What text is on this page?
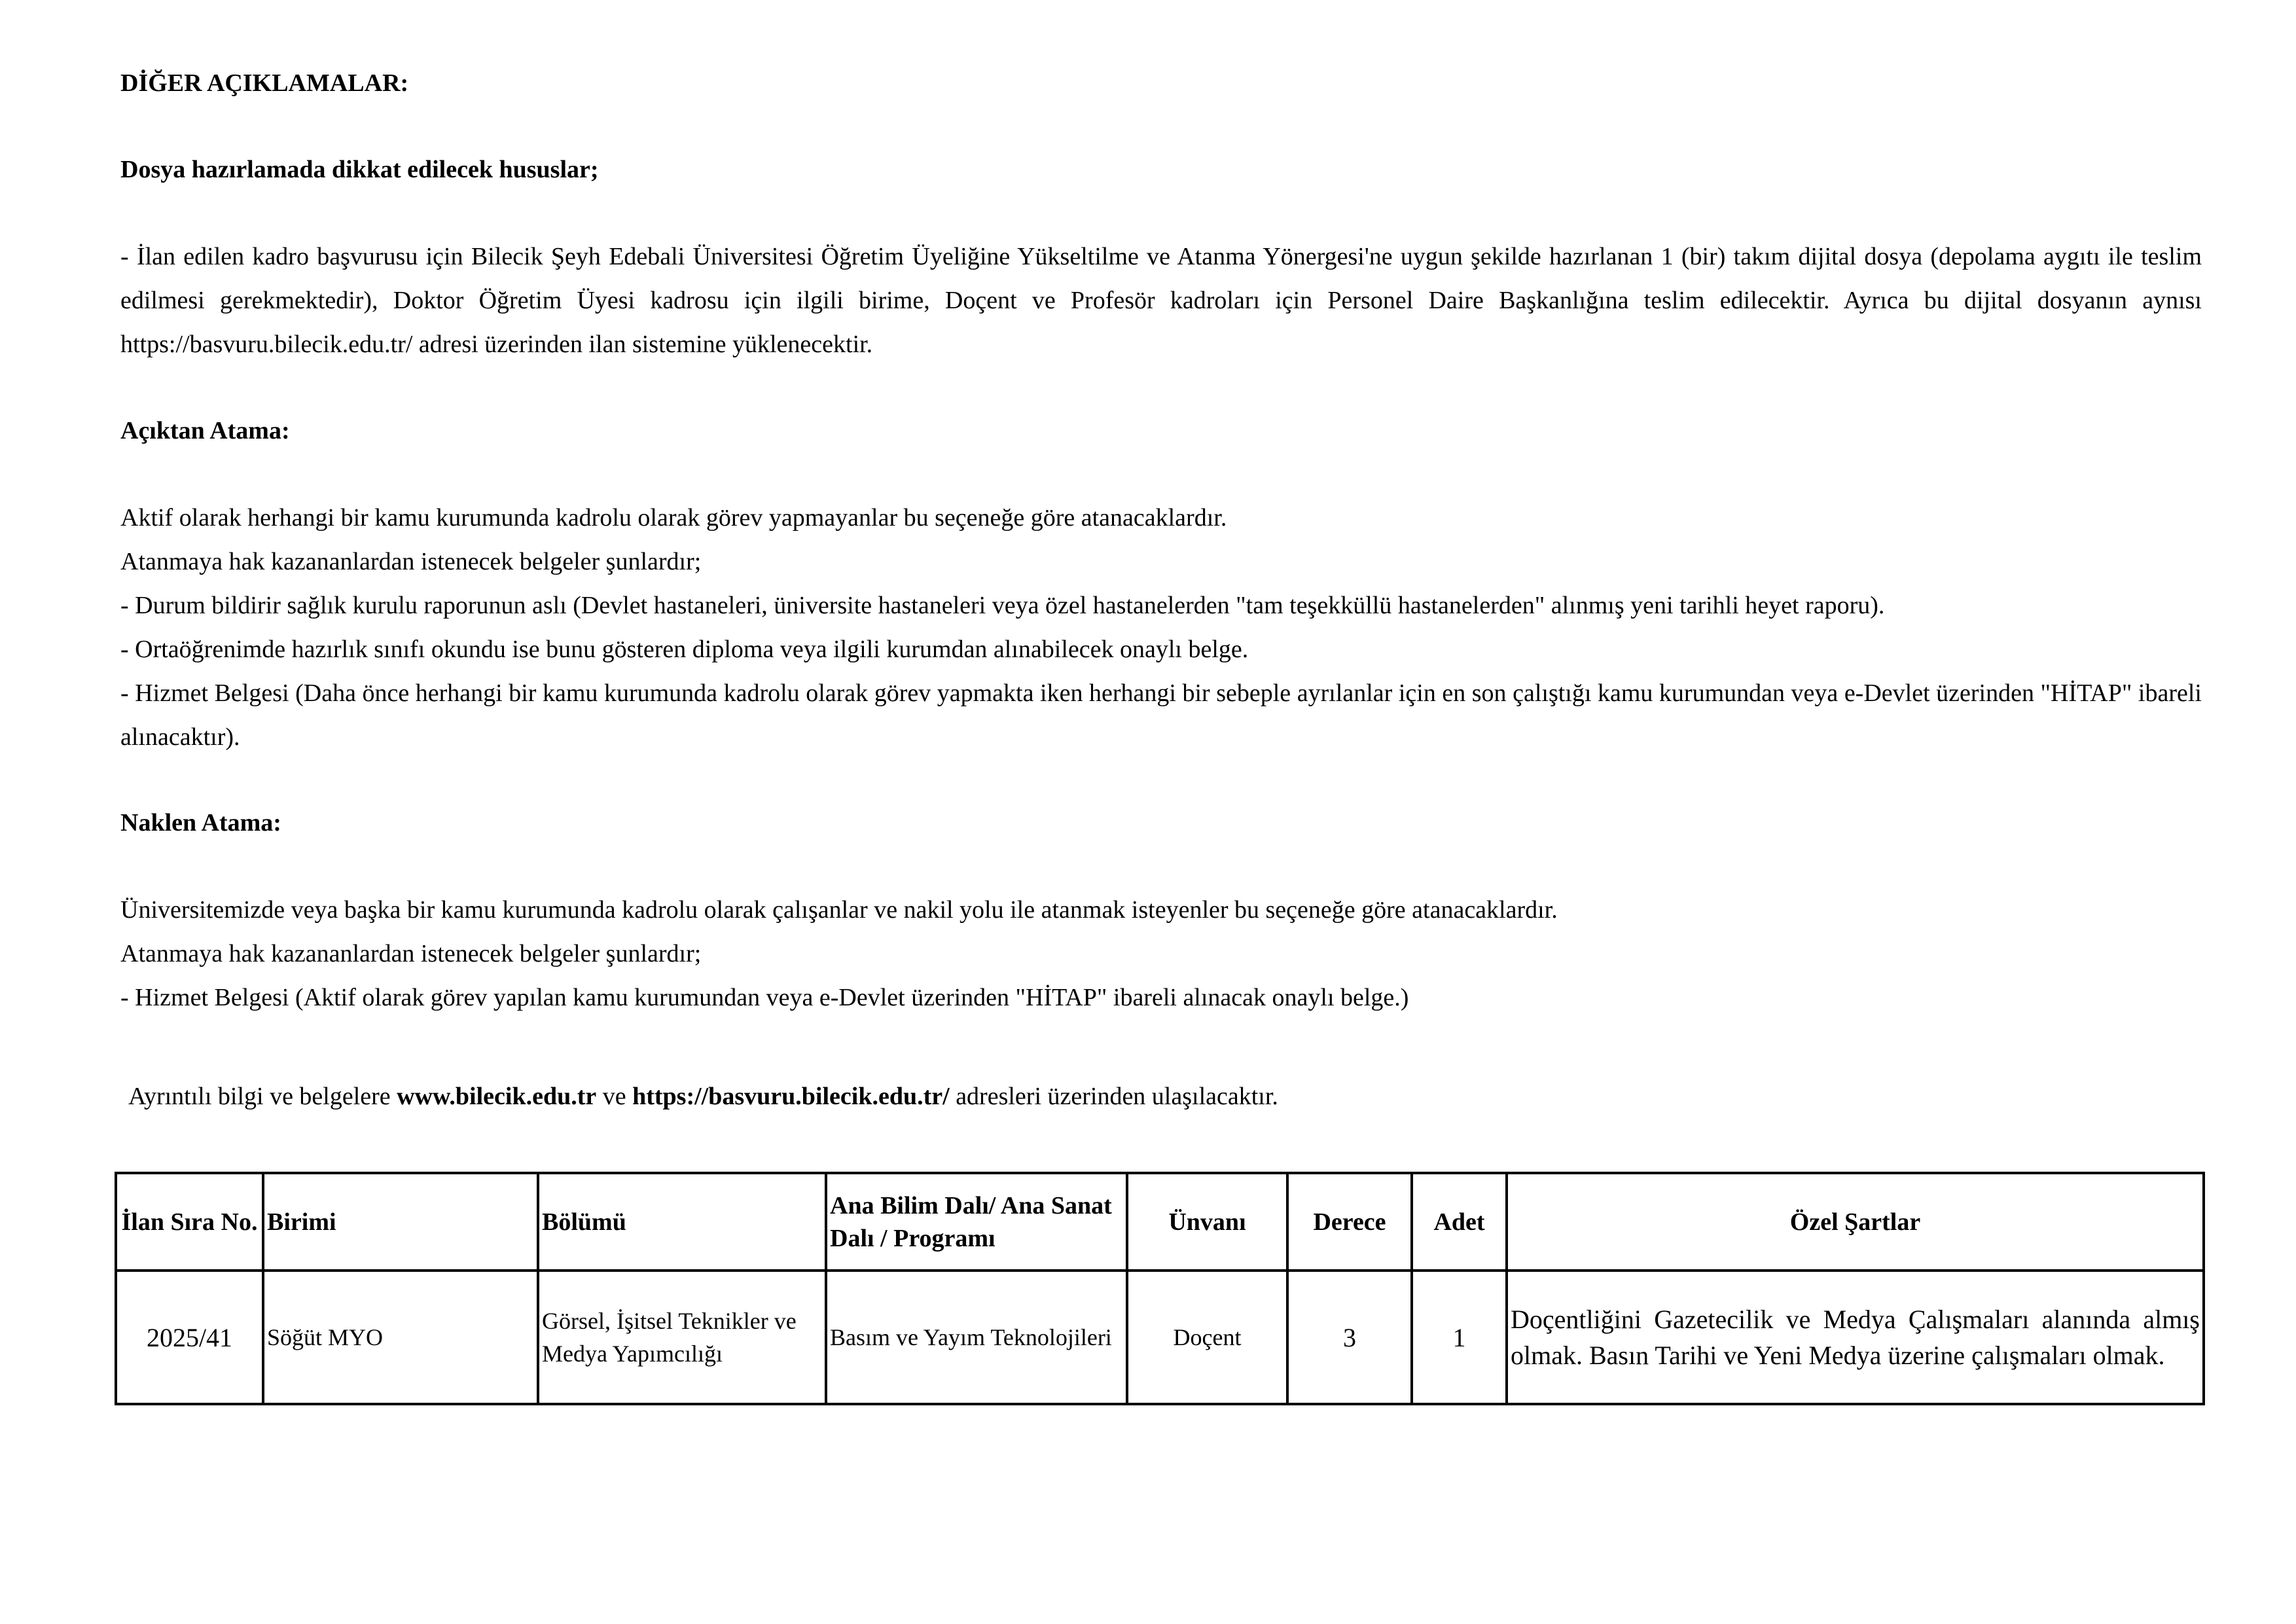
DİĞER AÇIKLAMALAR:
Dosya hazırlamada dikkat edilecek hususlar;
- İlan edilen kadro başvurusu için Bilecik Şeyh Edebali Üniversitesi Öğretim Üyeliğine Yükseltilme ve Atanma Yönergesi'ne uygun şekilde hazırlanan 1 (bir) takım dijital dosya (depolama aygıtı ile teslim edilmesi gerekmektedir), Doktor Öğretim Üyesi kadrosu için ilgili birime, Doçent ve Profesör kadroları için Personel Daire Başkanlığına teslim edilecektir. Ayrıca bu dijital dosyanın aynısı https://basvuru.bilecik.edu.tr/ adresi üzerinden ilan sistemine yüklenecektir.
Açıktan Atama:
Aktif olarak herhangi bir kamu kurumunda kadrolu olarak görev yapmayanlar bu seçeneğe göre atanacaklardır.
Atanmaya hak kazananlardan istenecek belgeler şunlardır;
- Durum bildirir sağlık kurulu raporunun aslı (Devlet hastaneleri, üniversite hastaneleri veya özel hastanelerden "tam teşekküllü hastanelerden" alınmış yeni tarihli heyet raporu).
- Ortaöğrenimde hazırlık sınıfı okundu ise bunu gösteren diploma veya ilgili kurumdan alınabilecek onaylı belge.
- Hizmet Belgesi (Daha önce herhangi bir kamu kurumunda kadrolu olarak görev yapmakta iken herhangi bir sebeple ayrılanlar için en son çalıştığı kamu kurumundan veya e-Devlet üzerinden "HİTAP" ibareli alınacaktır).
Naklen Atama:
Üniversitemizde veya başka bir kamu kurumunda kadrolu olarak çalışanlar ve nakil yolu ile atanmak isteyenler bu seçeneğe göre atanacaklardır.
Atanmaya hak kazananlardan istenecek belgeler şunlardır;
- Hizmet Belgesi (Aktif olarak görev yapılan kamu kurumundan veya e-Devlet üzerinden "HİTAP" ibareli alınacak onaylı belge.)
Ayrıntılı bilgi ve belgelere www.bilecik.edu.tr ve https://basvuru.bilecik.edu.tr/ adresleri üzerinden ulaşılacaktır.
İlan Sıra No.	Birimi	Bölümü	Ana Bilim Dalı/ Ana Sanat Dalı / Programı	Ünvanı	Derece	Adet	Özel Şartlar
2025/41	Söğüt MYO	Görsel, İşitsel Teknikler ve Medya Yapımcılığı	Basım ve Yayım Teknolojileri	Doçent	3	1	Doçentliğini Gazetecilik ve Medya Çalışmaları alanında almış olmak. Basın Tarihi ve Yeni Medya üzerine çalışmaları olmak.
